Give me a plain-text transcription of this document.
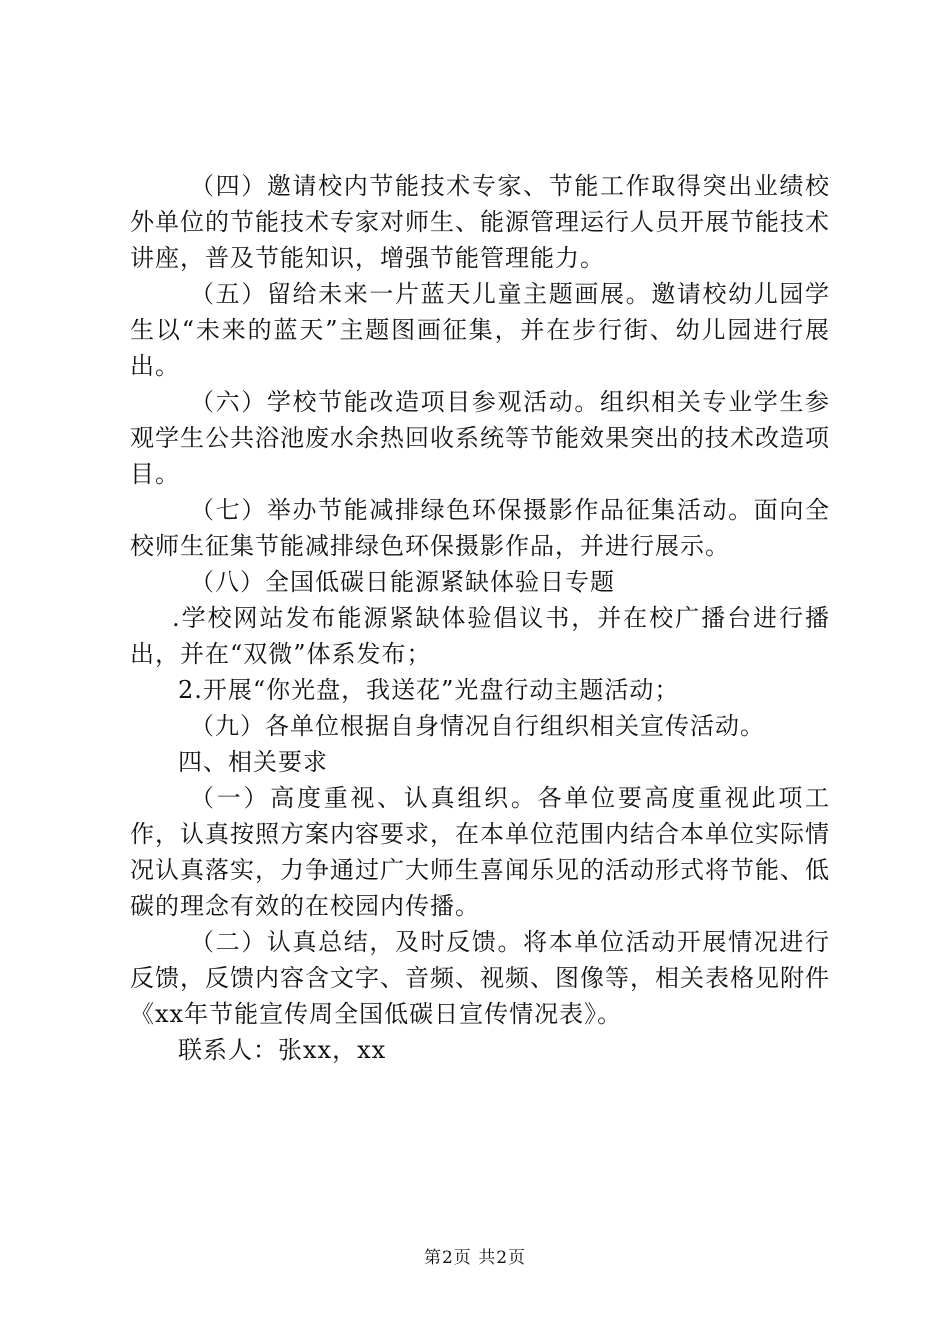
（四）邀请校内节能技术专家、节能工作取得突出业绩校外单位的节能技术专家对师生、能源管理运行人员开展节能技术讲座，普及节能知识，增强节能管理能力。

（五）留给未来一片蓝天儿童主题画展。邀请校幼儿园学生以“未来的蓝天”主题图画征集，并在步行街、幼儿园进行展出。

（六）学校节能改造项目参观活动。组织相关专业学生参观学生公共浴池废水余热回收系统等节能效果突出的技术改造项目。

（七）举办节能减排绿色环保摄影作品征集活动。面向全校师生征集节能减排绿色环保摄影作品，并进行展示。

（八）全国低碳日能源紧缺体验日专题

.学校网站发布能源紧缺体验倡议书，并在校广播台进行播出，并在“双微”体系发布；

2.开展“你光盘，我送花”光盘行动主题活动；

（九）各单位根据自身情况自行组织相关宣传活动。

四、相关要求

（一）高度重视、认真组织。各单位要高度重视此项工作，认真按照方案内容要求，在本单位范围内结合本单位实际情况认真落实，力争通过广大师生喜闻乐见的活动形式将节能、低碳的理念有效的在校园内传播。

（二）认真总结，及时反馈。将本单位活动开展情况进行反馈，反馈内容含文字、音频、视频、图像等，相关表格见附件《xx年节能宣传周全国低碳日宣传情况表》。

联系人：张xx，xx

第2页 共2页
